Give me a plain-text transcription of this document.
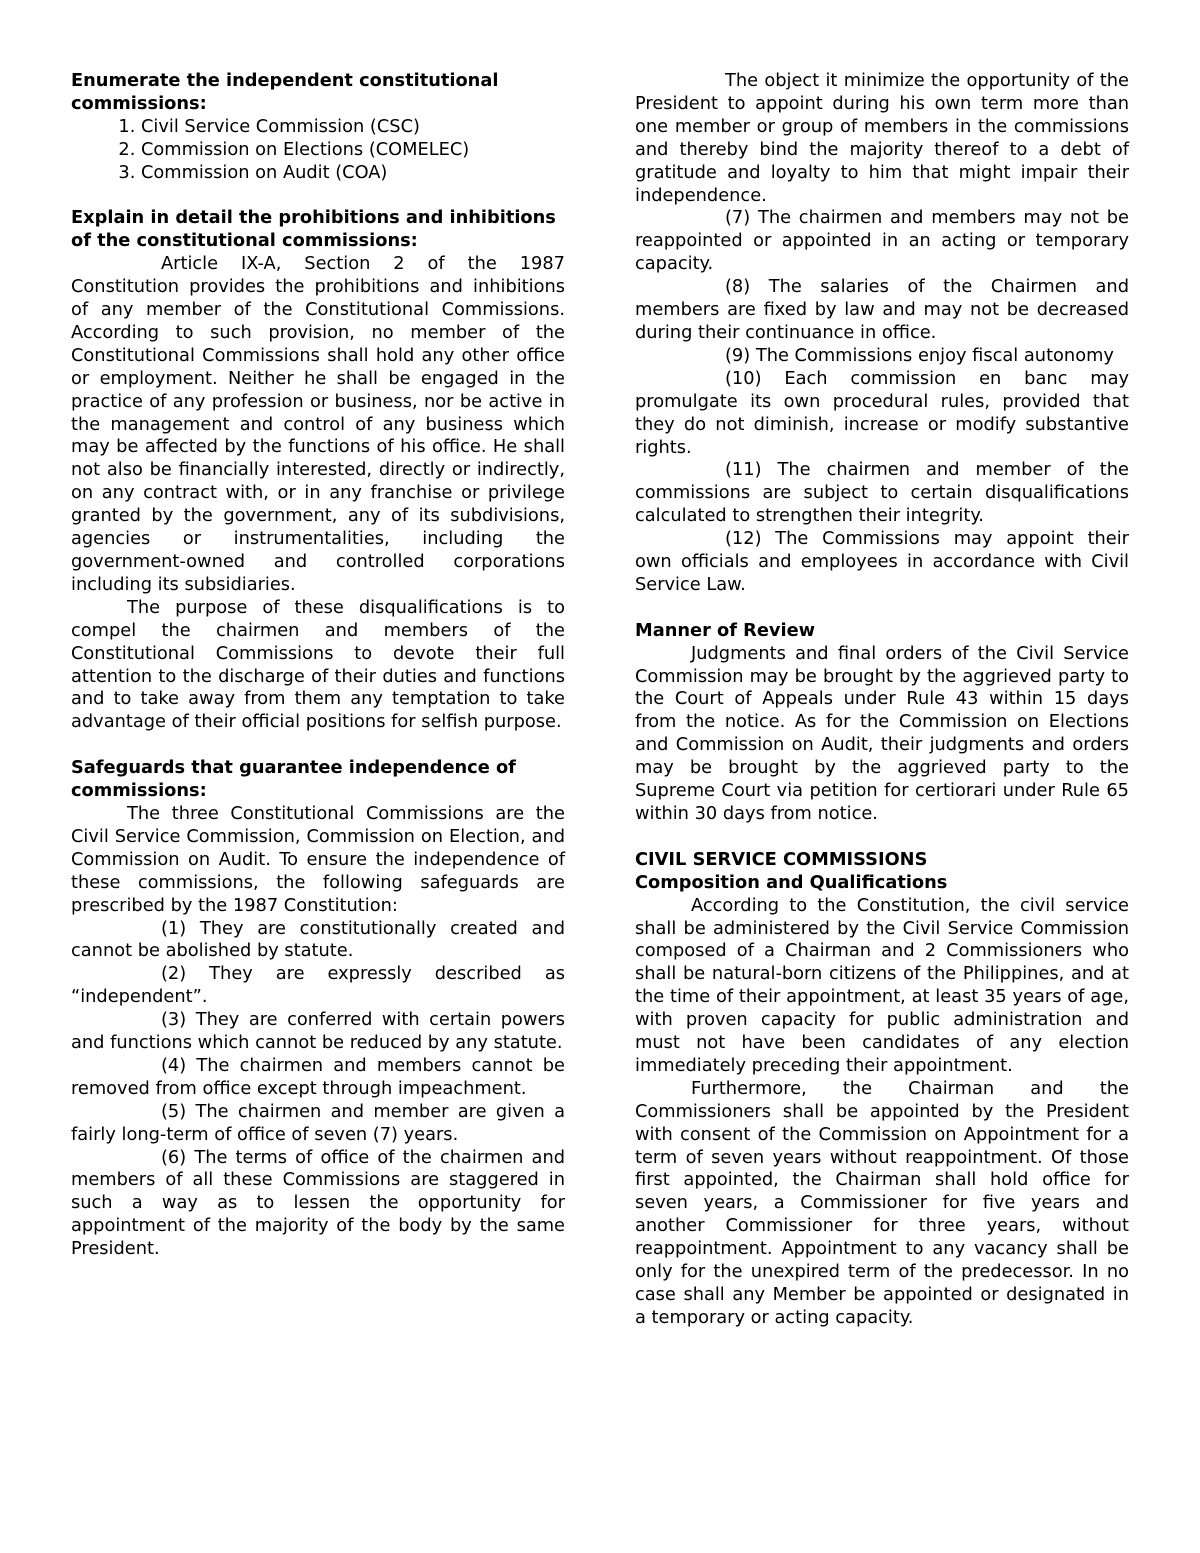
Enumerate the independent constitutional commissions:

1. Civil Service Commission (CSC)
2. Commission on Elections (COMELEC)
3. Commission on Audit (COA)

Explain in detail the prohibitions and inhibitions of the constitutional commissions:

Article IX-A, Section 2 of the 1987 Constitution provides the prohibitions and inhibitions of any member of the Constitutional Commissions. According to such provision, no member of the Constitutional Commissions shall hold any other office or employment. Neither he shall be engaged in the practice of any profession or business, nor be active in the management and control of any business which may be affected by the functions of his office. He shall not also be financially interested, directly or indirectly, on any contract with, or in any franchise or privilege granted by the government, any of its subdivisions, agencies or instrumentalities, including the government-owned and controlled corporations including its subsidiaries.

The purpose of these disqualifications is to compel the chairmen and members of the Constitutional Commissions to devote their full attention to the discharge of their duties and functions and to take away from them any temptation to take advantage of their official positions for selfish purpose.

Safeguards that guarantee independence of commissions:

The three Constitutional Commissions are the Civil Service Commission, Commission on Election, and Commission on Audit. To ensure the independence of these commissions, the following safeguards are prescribed by the 1987 Constitution:

(1) They are constitutionally created and cannot be abolished by statute.

(2) They are expressly described as “independent”.

(3) They are conferred with certain powers and functions which cannot be reduced by any statute.

(4) The chairmen and members cannot be removed from office except through impeachment.

(5) The chairmen and member are given a fairly long-term of office of seven (7) years.

(6) The terms of office of the chairmen and members of all these Commissions are staggered in such a way as to lessen the opportunity for appointment of the majority of the body by the same President.

The object it minimize the opportunity of the President to appoint during his own term more than one member or group of members in the commissions and thereby bind the majority thereof to a debt of gratitude and loyalty to him that might impair their independence.

(7) The chairmen and members may not be reappointed or appointed in an acting or temporary capacity.

(8) The salaries of the Chairmen and members are fixed by law and may not be decreased during their continuance in office.

(9) The Commissions enjoy fiscal autonomy

(10) Each commission en banc may promulgate its own procedural rules, provided that they do not diminish, increase or modify substantive rights.

(11) The chairmen and member of the commissions are subject to certain disqualifications calculated to strengthen their integrity.

(12) The Commissions may appoint their own officials and employees in accordance with Civil Service Law.

Manner of Review

Judgments and final orders of the Civil Service Commission may be brought by the aggrieved party to the Court of Appeals under Rule 43 within 15 days from the notice. As for the Commission on Elections and Commission on Audit, their judgments and orders may be brought by the aggrieved party to the Supreme Court via petition for certiorari under Rule 65 within 30 days from notice.

CIVIL SERVICE COMMISSIONS

Composition and Qualifications

According to the Constitution, the civil service shall be administered by the Civil Service Commission composed of a Chairman and 2 Commissioners who shall be natural-born citizens of the Philippines, and at the time of their appointment, at least 35 years of age, with proven capacity for public administration and must not have been candidates of any election immediately preceding their appointment.

Furthermore, the Chairman and the Commissioners shall be appointed by the President with consent of the Commission on Appointment for a term of seven years without reappointment. Of those first appointed, the Chairman shall hold office for seven years, a Commissioner for five years and another Commissioner for three years, without reappointment. Appointment to any vacancy shall be only for the unexpired term of the predecessor. In no case shall any Member be appointed or designated in a temporary or acting capacity.
